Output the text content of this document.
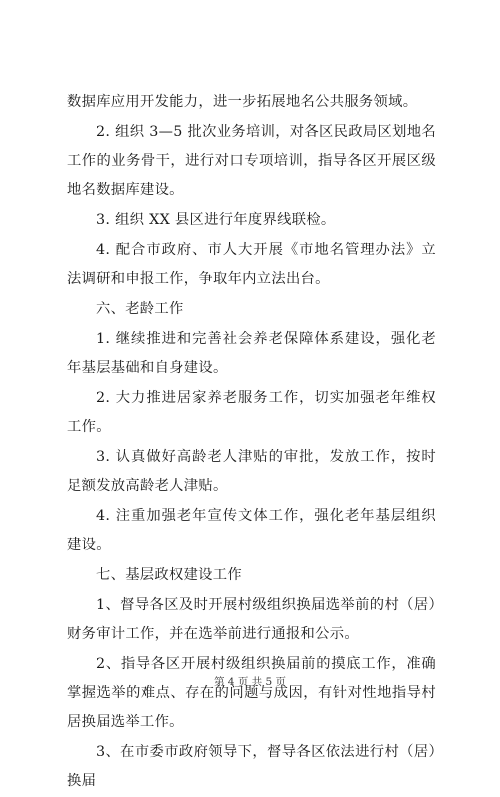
数据库应用开发能力，进一步拓展地名公共服务领域。

2. 组织 3—5 批次业务培训，对各区民政局区划地名工作的业务骨干，进行对口专项培训，指导各区开展区级地名数据库建设。

3. 组织 XX 县区进行年度界线联检。

4. 配合市政府、市人大开展《市地名管理办法》立法调研和申报工作，争取年内立法出台。

六、老龄工作

1. 继续推进和完善社会养老保障体系建设，强化老年基层基础和自身建设。

2. 大力推进居家养老服务工作，切实加强老年维权工作。

3. 认真做好高龄老人津贴的审批，发放工作，按时足额发放高龄老人津贴。

4. 注重加强老年宣传文体工作，强化老年基层组织建设。

七、基层政权建设工作

1、督导各区及时开展村级组织换届选举前的村（居）财务审计工作，并在选举前进行通报和公示。

2、指导各区开展村级组织换届前的摸底工作，准确掌握选举的难点、存在的问题与成因，有针对性地指导村居换届选举工作。

3、在市委市政府领导下，督导各区依法进行村（居）换届

第 4 页 共 5 页
